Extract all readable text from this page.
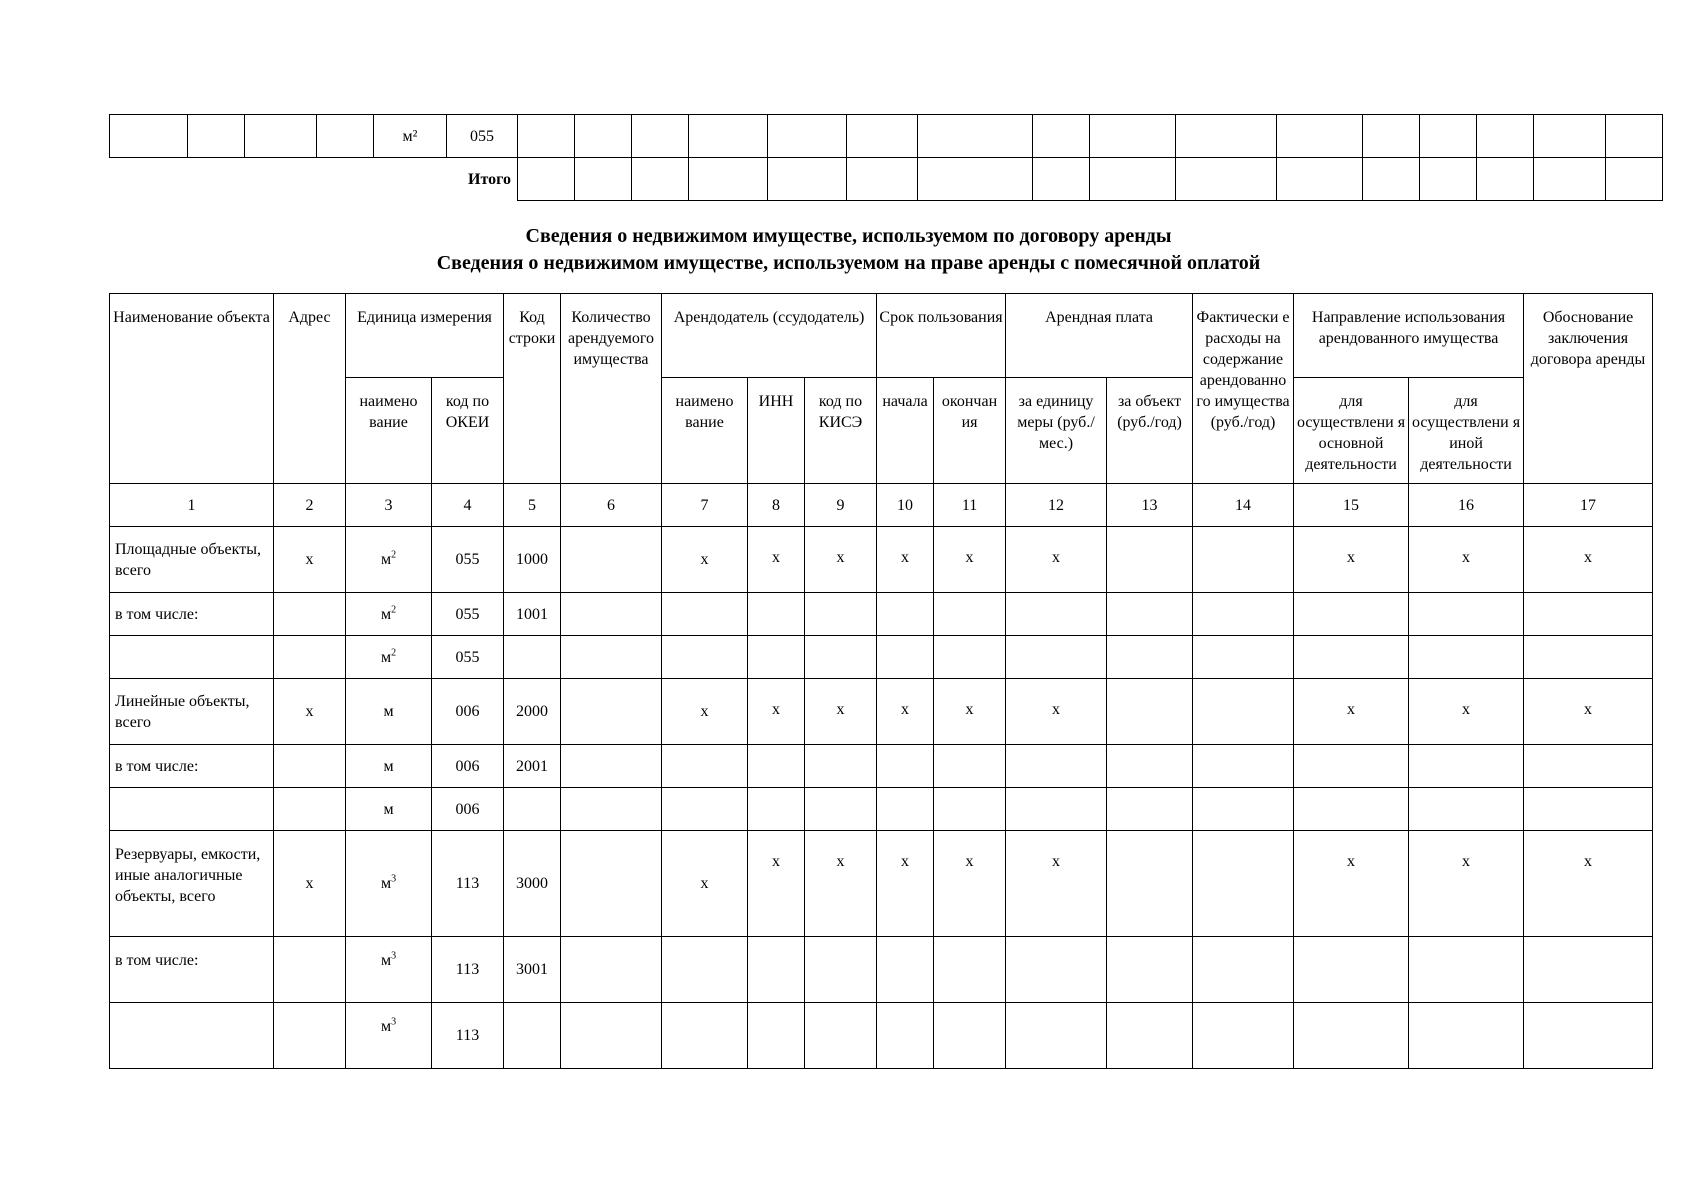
				м²	055																
Итого																					
Сведения о недвижимом имуществе, используемом по договору аренды
Сведения о недвижимом имуществе, используемом на праве аренды с помесячной оплатой
Наименование объекта	Адрес	Единица измерения		Код строки	Количество арендуемого имущества	Арендодатель (ссудодатель)			Срок пользования		Арендная плата		Фактически е расходы на содержание арендованно го имущества (руб./год)	Направление использования арендованного имущества		Обоснование заключения договора аренды
		наимено вание	код по ОКЕИ			наимено вание	ИНН	код по КИСЭ	начала	окончан ия	за единицу меры (руб./мес.)	за объект (руб./год)		для осуществлени я основной деятельности	для осуществлени я иной деятельности	
1	2	3	4	5	6	7	8	9	10	11	12	13	14	15	16	17
Площадные объекты, всего	х	$м^2$	055	1000		х	х	х	х	х	х			х	х	х
в том числе:		$м^2$	055	1001												
		$м^2$	055													
Линейные объекты, всего	х	м	006	2000		х	х	х	х	х	х			х	х	х
в том числе:		м	006	2001												
		м	006													
Резервуары, емкости, иные аналогичные объекты, всего	х	$м^3$	113	3000		х	х	х	х	х	х			х	х	х
в том числе:		$м^3$	113	3001												
		$м^3$	113													
